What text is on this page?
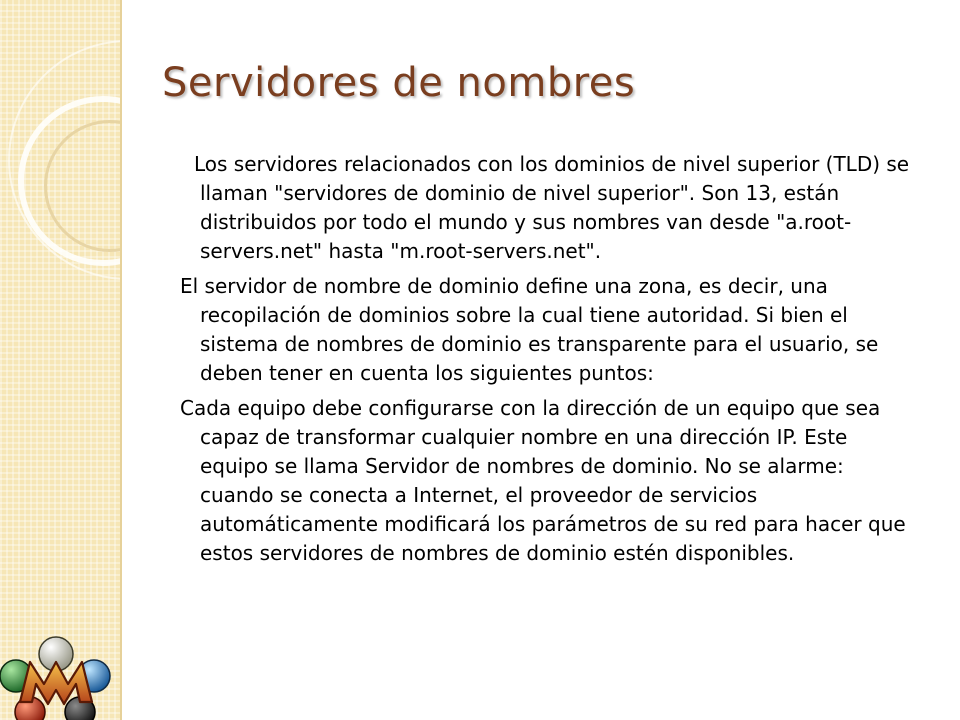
Servidores de nombres

Los servidores relacionados con los dominios de nivel superior (TLD) se llaman "servidores de dominio de nivel superior". Son 13, están distribuidos por todo el mundo y sus nombres van desde "a.root-servers.net" hasta "m.root-servers.net".

El servidor de nombre de dominio define una zona, es decir, una recopilación de dominios sobre la cual tiene autoridad. Si bien el sistema de nombres de dominio es transparente para el usuario, se deben tener en cuenta los siguientes puntos:

Cada equipo debe configurarse con la dirección de un equipo que sea capaz de transformar cualquier nombre en una dirección IP. Este equipo se llama Servidor de nombres de dominio. No se alarme: cuando se conecta a Internet, el proveedor de servicios automáticamente modificará los parámetros de su red para hacer que estos servidores de nombres de dominio estén disponibles.
